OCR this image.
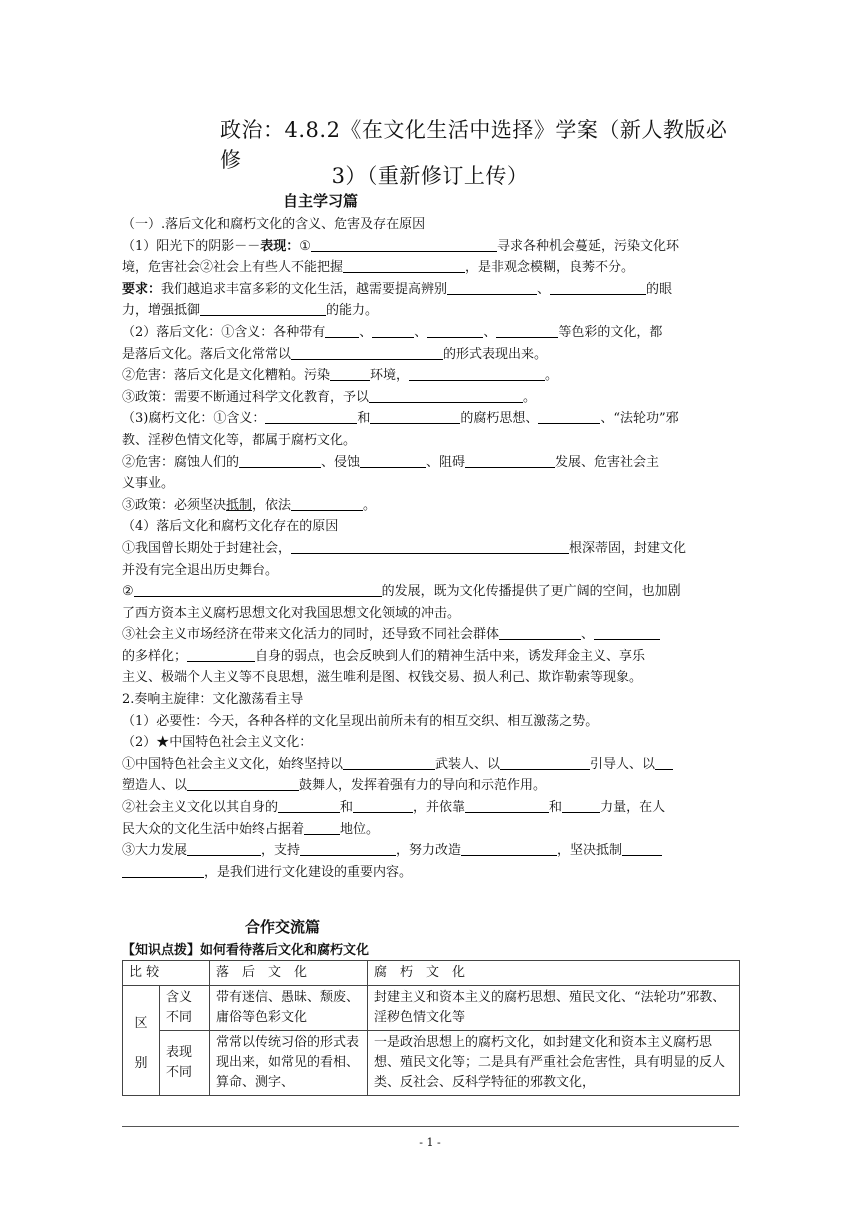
政治：4.8.2《在文化生活中选择》学案（新人教版必修
3）（重新修订上传）
自主学习篇

（一）.落后文化和腐朽文化的含义、危害及存在原因

（1）阳光下的阴影－－表现：①	寻求各种机会蔓延，污染文化环

境，危害社会②社会上有些人不能把握	，是非观念模糊，良莠不分。

要求：我们越追求丰富多彩的文化生活，越需要提高辨别	、	的眼

力，增强抵御	的能力。

（2）落后文化：①含义：各种带有	、	、	、	等色彩的文化，都

是落后文化。落后文化常常以	的形式表现出来。

②危害：落后文化是文化糟粕。污染	环境，	。

③政策：需要不断通过科学文化教育，予以	。

（3)腐朽文化：①含义：	和	的腐朽思想、	、“法轮功”邪

教、淫秽色情文化等，都属于腐朽文化。

②危害：腐蚀人们的	、侵蚀	、阻碍	发展、危害社会主

义事业。

③政策：必须坚决抵制，依法	。

（4）落后文化和腐朽文化存在的原因

①我国曾长期处于封建社会，	根深蒂固，封建文化

并没有完全退出历史舞台。

②	的发展，既为文化传播提供了更广阔的空间，也加剧

了西方资本主义腐朽思想文化对我国思想文化领域的冲击。

③社会主义市场经济在带来文化活力的同时，还导致不同社会群体	、

的多样化；	自身的弱点，也会反映到人们的精神生活中来，诱发拜金主义、享乐

主义、极端个人主义等不良思想，滋生唯利是图、权钱交易、损人利己、欺诈勒索等现象。

2.奏响主旋律：文化激荡看主导

（1）必要性：今天，各种各样的文化呈现出前所未有的相互交织、相互激荡之势。

（2）★中国特色社会主义文化：

①中国特色社会主义文化，始终坚持以	武装人、以	引导人、以

塑造人、以	鼓舞人，发挥着强有力的导向和示范作用。

②社会主义文化以其自身的	和	，并依靠	和	力量，在人

民大众的文化生活中始终占据着	地位。

③大力发展	，支持	，努力改造	，坚决抵制

，是我们进行文化建设的重要内容。

合作交流篇
【知识点拨】如何看待落后文化和腐朽文化
比 较		落　后　文　化	腐　朽　文　化

区
别	含义不同	带有迷信、愚昧、颓废、庸俗等色彩文化	封建主义和资本主义的腐朽思想、殖民文化、“法轮功”邪教、淫秽色情文化等
	表现不同	常常以传统习俗的形式表现出来，如常见的看相、算命、测字、	一是政治思想上的腐朽文化，如封建文化和资本主义腐朽思想、殖民文化等；二是具有严重社会危害性，具有明显的反人类、反社会、反科学特征的邪教文化，
- 1 -
